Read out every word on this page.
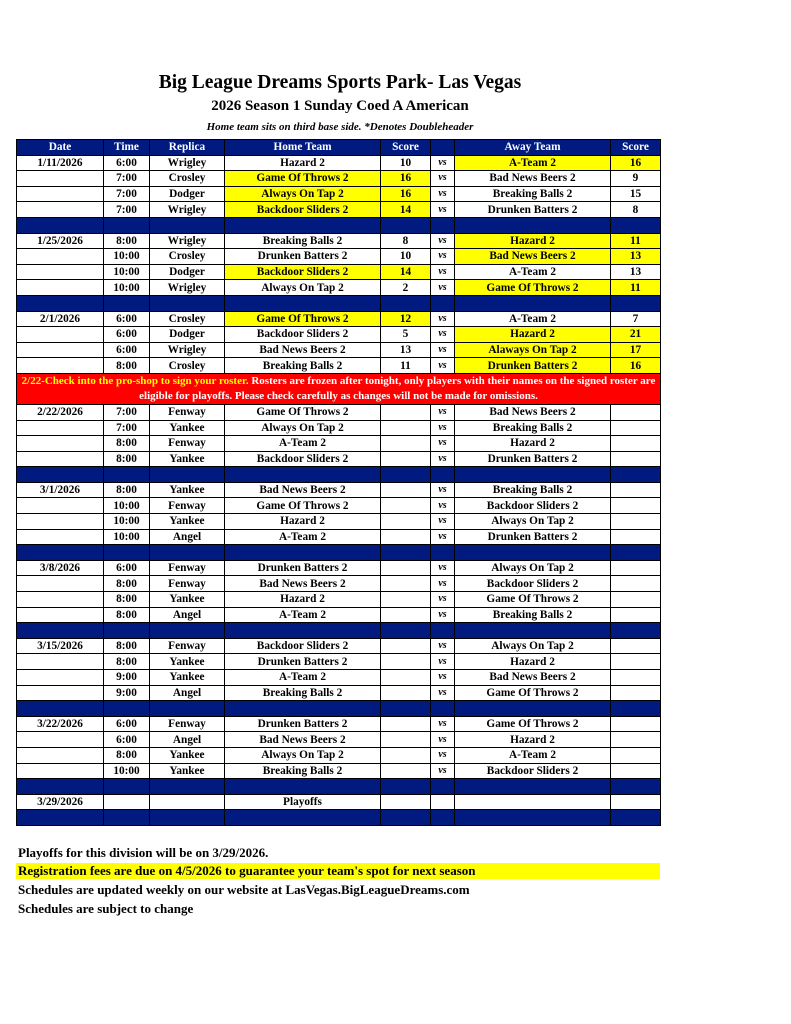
Big League Dreams Sports Park- Las Vegas
2026 Season 1 Sunday Coed A American
Home team sits on third base side. *Denotes Doubleheader
Date	Time	Replica	Home Team	Score		Away Team	Score
1/11/2026	6:00	Wrigley	Hazard 2	10	vs	A-Team 2	16
	7:00	Crosley	Game Of Throws 2	16	vs	Bad News Beers 2	9
	7:00	Dodger	Always On Tap 2	16	vs	Breaking Balls 2	15
	7:00	Wrigley	Backdoor Sliders 2	14	vs	Drunken Batters 2	8

1/25/2026	8:00	Wrigley	Breaking Balls 2	8	vs	Hazard 2	11
	10:00	Crosley	Drunken Batters 2	10	vs	Bad News Beers 2	13
	10:00	Dodger	Backdoor Sliders 2	14	vs	A-Team 2	13
	10:00	Wrigley	Always On Tap 2	2	vs	Game Of Throws 2	11

2/1/2026	6:00	Crosley	Game Of Throws 2	12	vs	A-Team 2	7
	6:00	Dodger	Backdoor Sliders 2	5	vs	Hazard 2	21
	6:00	Wrigley	Bad News Beers 2	13	vs	Alaways On Tap 2	17
	8:00	Crosley	Breaking Balls 2	11	vs	Drunken Batters 2	16
2/22-Check into the pro-shop to sign your roster. Rosters are frozen after tonight, only players with their names on the signed roster are eligible for playoffs. Please check carefully as changes will not be made for omissions.							
2/22/2026	7:00	Fenway	Game Of Throws 2		vs	Bad News Beers 2	
	7:00	Yankee	Always On Tap 2		vs	Breaking Balls 2	
	8:00	Fenway	A-Team 2		vs	Hazard 2	
	8:00	Yankee	Backdoor Sliders 2		vs	Drunken Batters 2	

3/1/2026	8:00	Yankee	Bad News Beers 2		vs	Breaking Balls 2	
	10:00	Fenway	Game Of Throws 2		vs	Backdoor Sliders 2	
	10:00	Yankee	Hazard 2		vs	Always On Tap 2	
	10:00	Angel	A-Team 2		vs	Drunken Batters 2	

3/8/2026	6:00	Fenway	Drunken Batters 2		vs	Always On Tap 2	
	8:00	Fenway	Bad News Beers 2		vs	Backdoor Sliders 2	
	8:00	Yankee	Hazard 2		vs	Game Of Throws 2	
	8:00	Angel	A-Team 2		vs	Breaking Balls 2	

3/15/2026	8:00	Fenway	Backdoor Sliders 2		vs	Always On Tap 2	
	8:00	Yankee	Drunken Batters 2		vs	Hazard 2	
	9:00	Yankee	A-Team 2		vs	Bad News Beers 2	
	9:00	Angel	Breaking Balls 2		vs	Game Of Throws 2	

3/22/2026	6:00	Fenway	Drunken Batters 2		vs	Game Of Throws 2	
	6:00	Angel	Bad News Beers 2		vs	Hazard 2	
	8:00	Yankee	Always On Tap 2		vs	A-Team 2	
	10:00	Yankee	Breaking Balls 2		vs	Backdoor Sliders 2	

3/29/2026			Playoffs				

Playoffs for this division will be on 3/29/2026.
Registration fees are due on 4/5/2026 to guarantee your team's spot for next season
Schedules are updated weekly on our website at LasVegas.BigLeagueDreams.com
Schedules are subject to change
